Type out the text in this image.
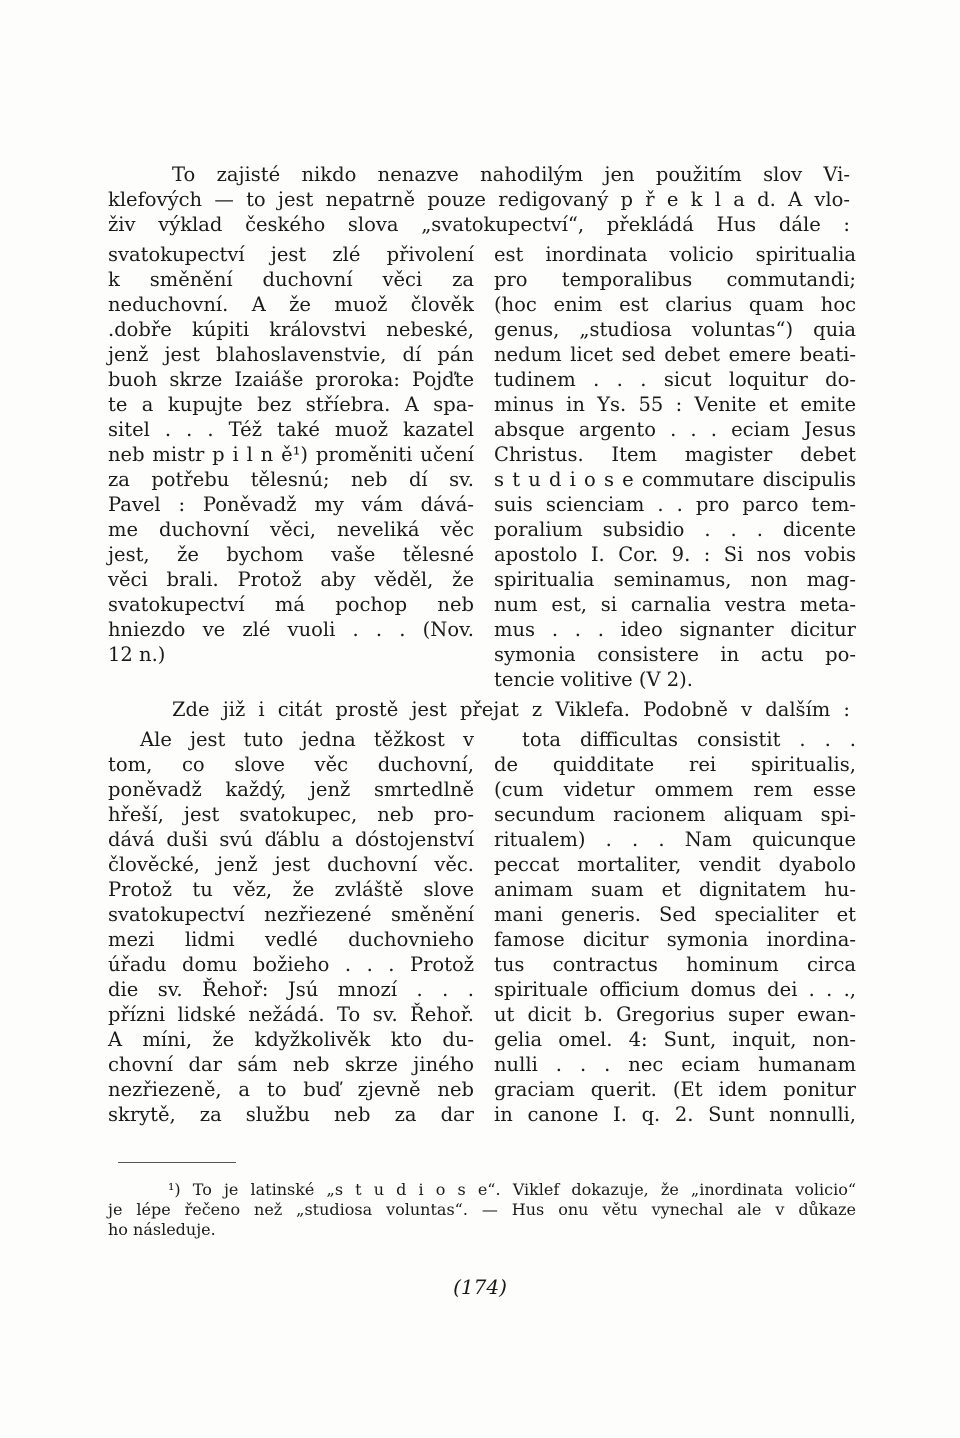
To zajisté nikdo nenazve nahodilým jen použitím slov Vi-
klefových — to jest nepatrně pouze redigovaný p ř e k l a d. A vlo-
živ výklad českého slova „svatokupectví“, překládá Hus dále :
svatokupectví jest zlé přivolení
k směnění duchovní věci za
neduchovní. A že muož člověk
.dobře kúpiti královstvi nebeské,
jenž jest blahoslavenstvie, dí pán
buoh skrze Izaiáše proroka: Pojďte
te a kupujte bez stříebra. A spa-
sitel . . . Též také muož kazatel
neb mistr p i l n ě¹) proměniti učení
za potřebu tělesnú; neb dí sv.
Pavel : Poněvadž my vám dává-
me duchovní věci, neveliká věc
jest, že bychom vaše tělesné
věci brali. Protož aby věděl, že
svatokupectví má pochop neb
hniezdo ve zlé vuoli . . . (Nov.
12 n.)
est inordinata volicio spiritualia
pro temporalibus commutandi;
(hoc enim est clarius quam hoc
genus, „studiosa voluntas“) quia
nedum licet sed debet emere beati-
tudinem . . . sicut loquitur do-
minus in Ys. 55 : Venite et emite
absque argento . . . eciam Jesus
Christus. Item magister debet
s t u d i o s e commutare discipulis
suis scienciam . . pro parco tem-
poralium subsidio . . . dicente
apostolo I. Cor. 9. : Si nos vobis
spiritualia seminamus, non mag-
num est, si carnalia vestra meta-
mus . . . ideo signanter dicitur
symonia consistere in actu po-
tencie volitive (V 2).
Zde již i citát prostě jest přejat z Viklefa. Podobně v dalším :
Ale jest tuto jedna těžkost v
tom, co slove věc duchovní,
poněvadž každý, jenž smrtedlně
hřeší, jest svatokupec, neb pro-
dává duši svú ďáblu a dóstojenství
člověcké, jenž jest duchovní věc.
Protož tu věz, že zvláště slove
svatokupectví nezřiezené směnění
mezi lidmi vedlé duchovnieho
úřadu domu božieho . . . Protož
die sv. Řehoř: Jsú mnozí . . .
přízni lidské nežádá. To sv. Řehoř.
A míni, že kdyžkolivěk kto du-
chovní dar sám neb skrze jiného
nezřiezeně, a to buď zjevně neb
skrytě, za službu neb za dar
tota difficultas consistit . . .
de quidditate rei spiritualis,
(cum videtur ommem rem esse
secundum racionem aliquam spi-
ritualem) . . . Nam quicunque
peccat mortaliter, vendit dyabolo
animam suam et dignitatem hu-
mani generis. Sed specialiter et
famose dicitur symonia inordina-
tus contractus hominum circa
spirituale officium domus dei . . .,
ut dicit b. Gregorius super ewan-
gelia omel. 4: Sunt, inquit, non-
nulli . . . nec eciam humanam
graciam querit. (Et idem ponitur
in canone I. q. 2. Sunt nonnulli,
¹) To je latinské „s t u d i o s e“. Viklef dokazuje, že „inordinata volicio“
je lépe řečeno než „studiosa voluntas“. — Hus onu větu vynechal ale v důkaze
ho následuje.
(174)
